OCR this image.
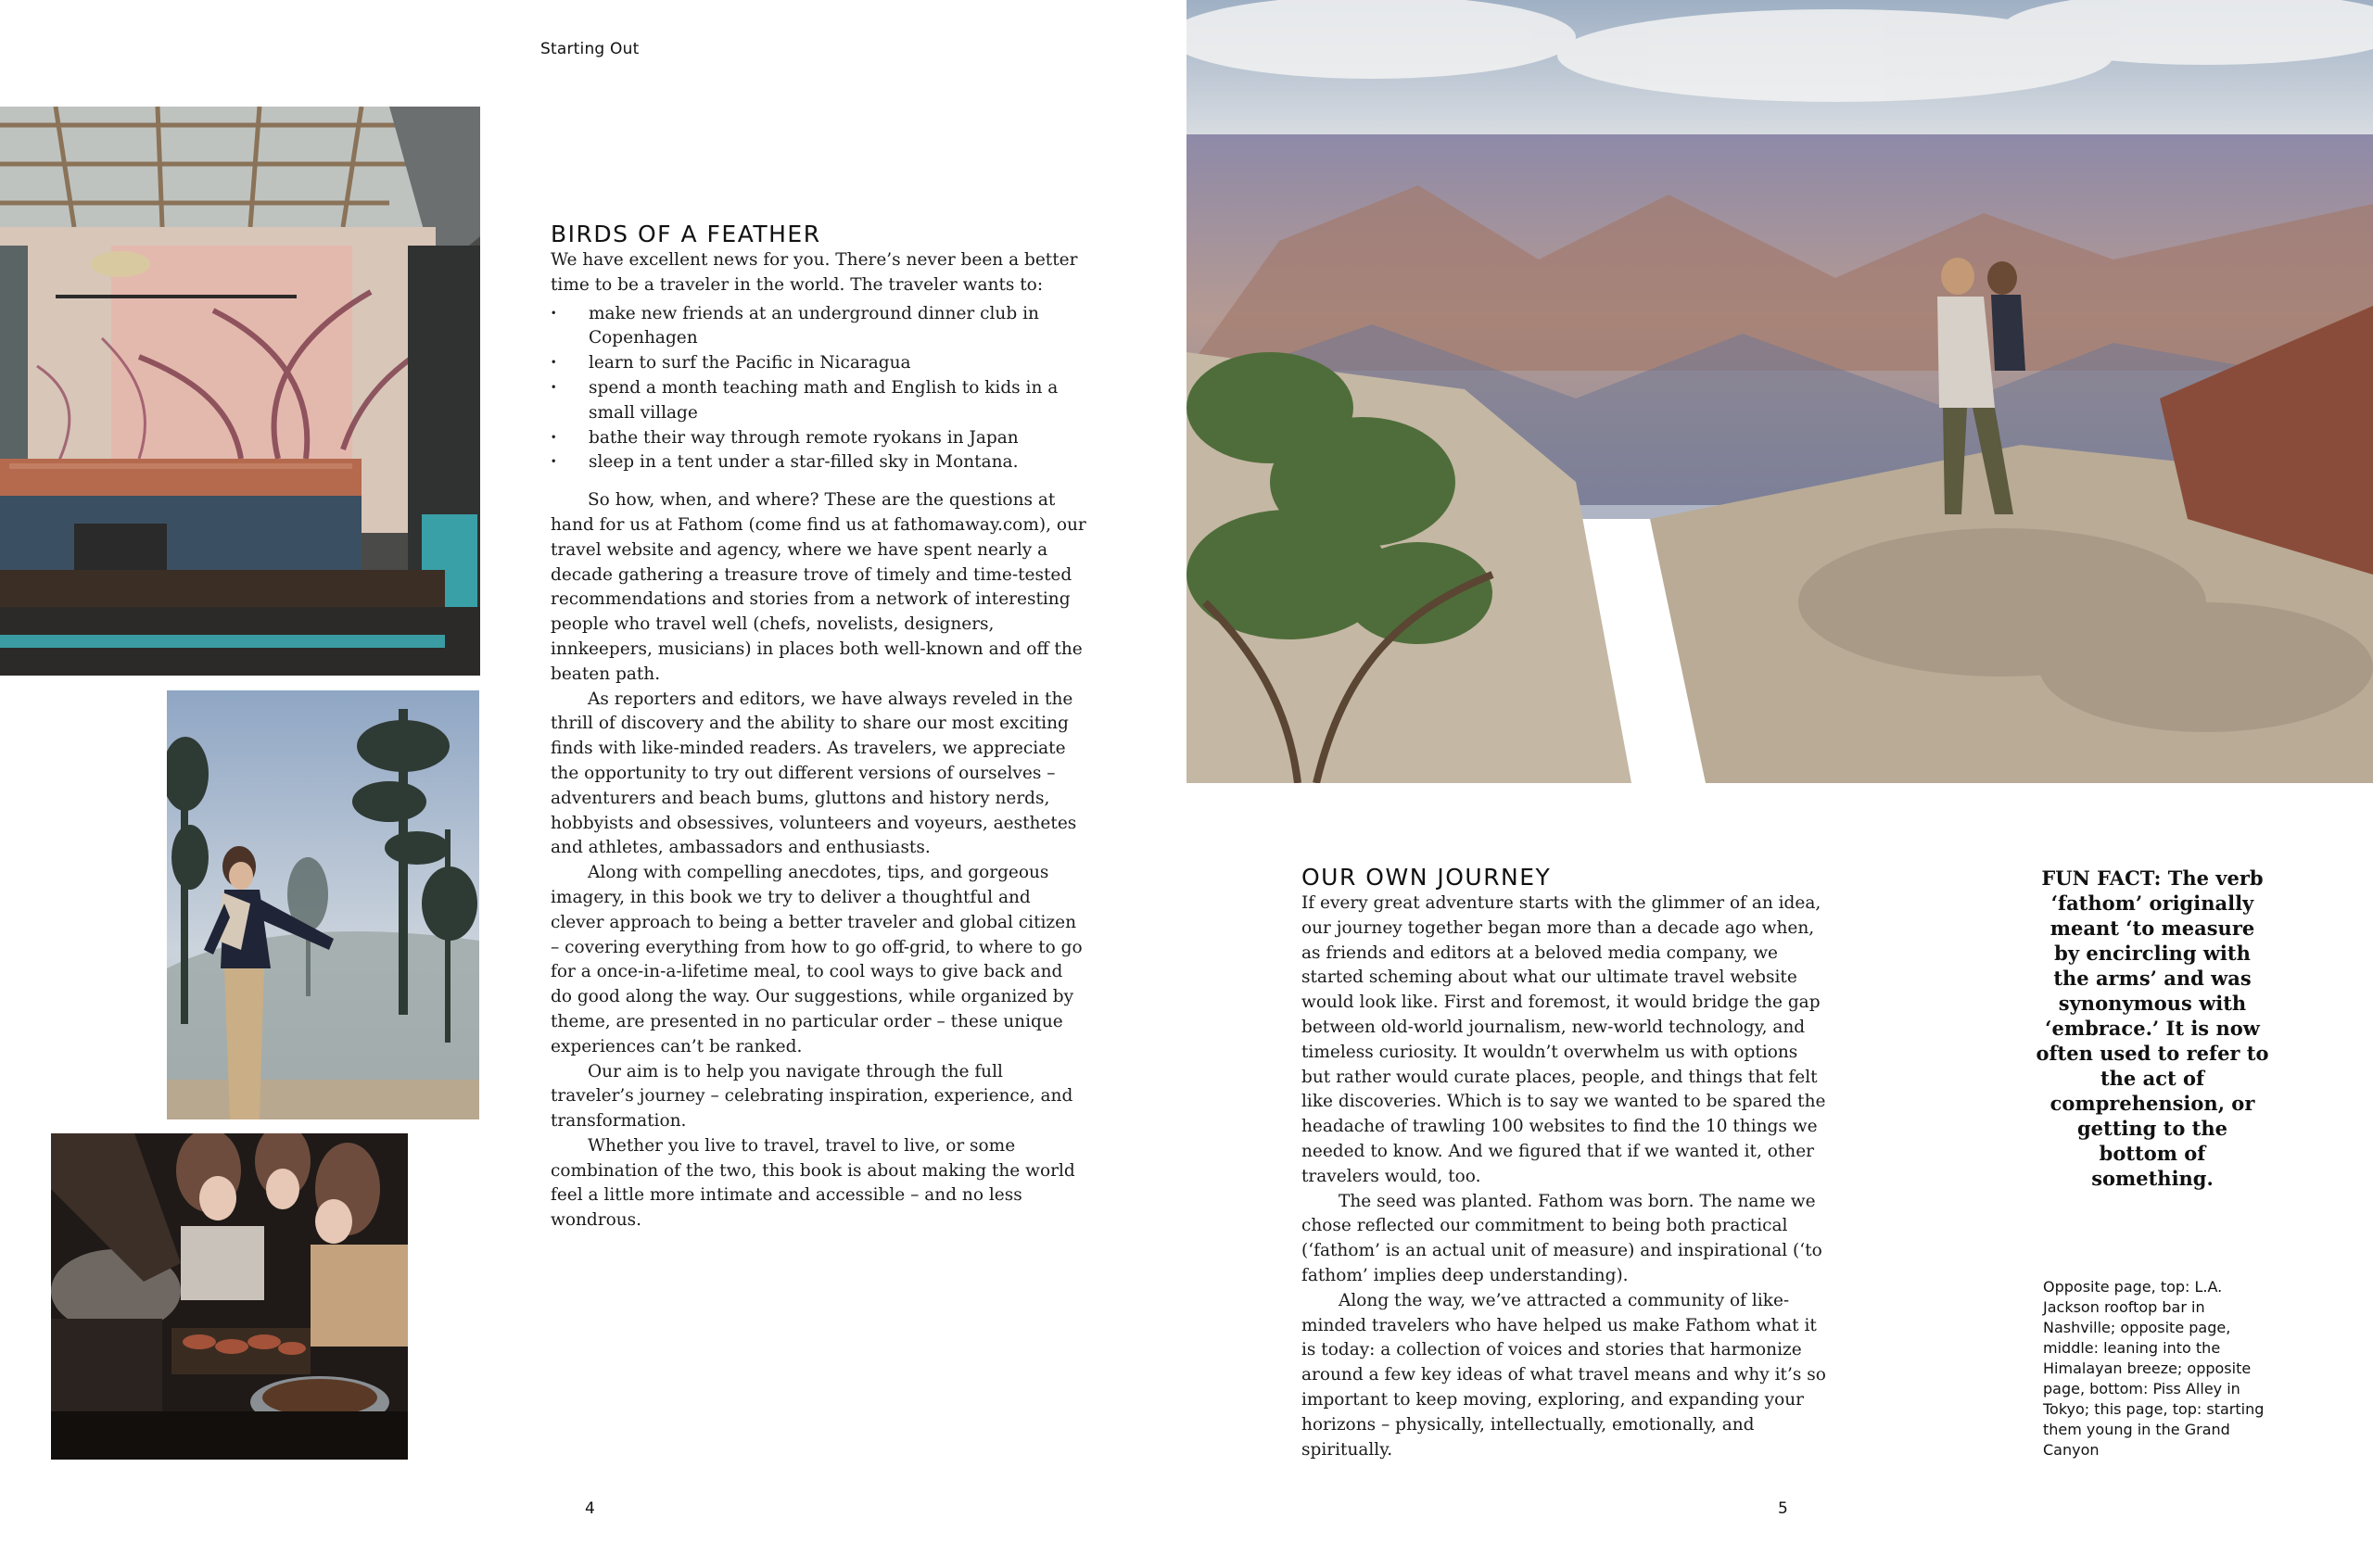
Starting Out
BIRDS OF A FEATHER

We have excellent news for you. There’s never been a better time to be a traveler in the world. The traveler wants to:

· make new friends at an underground dinner club in Copenhagen
· learn to surf the Pacific in Nicaragua
· spend a month teaching math and English to kids in a small village
· bathe their way through remote ryokans in Japan
· sleep in a tent under a star-filled sky in Montana.

So how, when, and where? These are the questions at hand for us at Fathom (come find us at fathomaway.com), our travel website and agency, where we have spent nearly a decade gathering a treasure trove of timely and time-tested recommendations and stories from a network of interesting people who travel well (chefs, novelists, designers, innkeepers, musicians) in places both well-known and off the beaten path.

As reporters and editors, we have always reveled in the thrill of discovery and the ability to share our most exciting finds with like-minded readers. As travelers, we appreciate the opportunity to try out different versions of ourselves – adventurers and beach bums, gluttons and history nerds, hobbyists and obsessives, volunteers and voyeurs, aesthetes and athletes, ambassadors and enthusiasts.

Along with compelling anecdotes, tips, and gorgeous imagery, in this book we try to deliver a thoughtful and clever approach to being a better traveler and global citizen – covering everything from how to go off-grid, to where to go for a once-in-a-lifetime meal, to cool ways to give back and do good along the way. Our suggestions, while organized by theme, are presented in no particular order – these unique experiences can’t be ranked.

Our aim is to help you navigate through the full traveler’s journey – celebrating inspiration, experience, and transformation.

Whether you live to travel, travel to live, or some combination of the two, this book is about making the world feel a little more intimate and accessible – and no less wondrous.

4
OUR OWN JOURNEY

If every great adventure starts with the glimmer of an idea, our journey together began more than a decade ago when, as friends and editors at a beloved media company, we started scheming about what our ultimate travel website would look like. First and foremost, it would bridge the gap between old-world journalism, new-world technology, and timeless curiosity. It wouldn’t overwhelm us with options but rather would curate places, people, and things that felt like discoveries. Which is to say we wanted to be spared the headache of trawling 100 websites to find the 10 things we needed to know. And we figured that if we wanted it, other travelers would, too.

The seed was planted. Fathom was born. The name we chose reflected our commitment to being both practical (‘fathom’ is an actual unit of measure) and inspirational (‘to fathom’ implies deep understanding).

Along the way, we’ve attracted a community of like-minded travelers who have helped us make Fathom what it is today: a collection of voices and stories that harmonize around a few key ideas of what travel means and why it’s so important to keep moving, exploring, and expanding your horizons – physically, intellectually, emotionally, and spiritually.

5
FUN FACT: The verb ‘fathom’ originally meant ‘to measure by encircling with the arms’ and was synonymous with ‘embrace.’ It is now often used to refer to the act of comprehension, or getting to the bottom of something.
Opposite page, top: L.A. Jackson rooftop bar in Nashville; opposite page, middle: leaning into the Himalayan breeze; opposite page, bottom: Piss Alley in Tokyo; this page, top: starting them young in the Grand Canyon
